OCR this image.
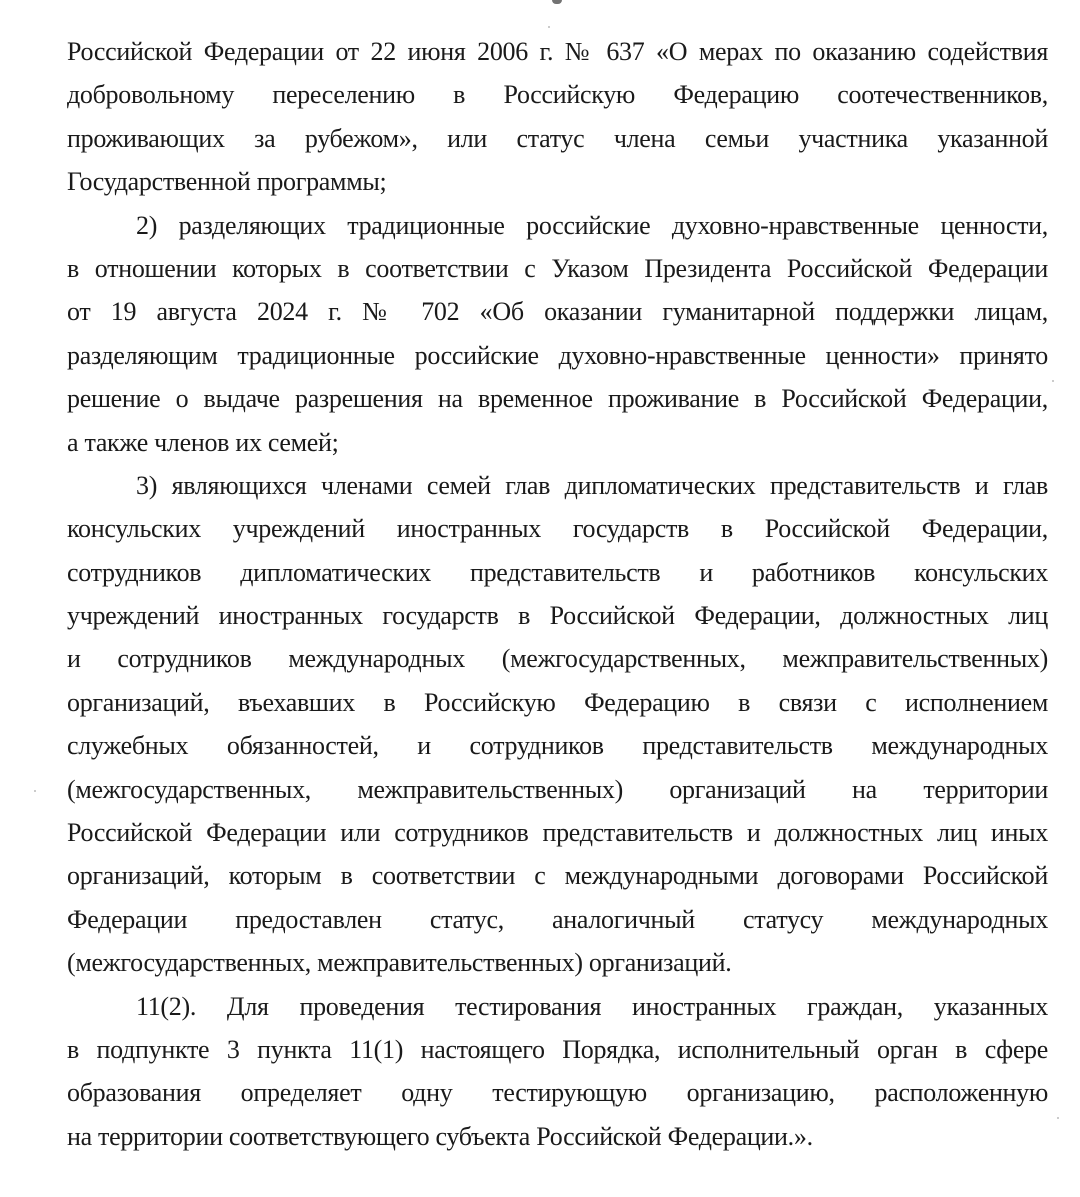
Российской Федерации от 22 июня 2006 г. № 637 «О мерах по оказанию содействия
добровольному переселению в Российскую Федерацию соотечественников,
проживающих за рубежом», или статус члена семьи участника указанной
Государственной программы;
2) разделяющих традиционные российские духовно-нравственные ценности,
в отношении которых в соответствии с Указом Президента Российской Федерации
от 19 августа 2024 г. № 702 «Об оказании гуманитарной поддержки лицам,
разделяющим традиционные российские духовно-нравственные ценности» принято
решение о выдаче разрешения на временное проживание в Российской Федерации,
а также членов их семей;
3) являющихся членами семей глав дипломатических представительств и глав
консульских учреждений иностранных государств в Российской Федерации,
сотрудников дипломатических представительств и работников консульских
учреждений иностранных государств в Российской Федерации, должностных лиц
и сотрудников международных (межгосударственных, межправительственных)
организаций, въехавших в Российскую Федерацию в связи с исполнением
служебных обязанностей, и сотрудников представительств международных
(межгосударственных, межправительственных) организаций на территории
Российской Федерации или сотрудников представительств и должностных лиц иных
организаций, которым в соответствии с международными договорами Российской
Федерации предоставлен статус, аналогичный статусу международных
(межгосударственных, межправительственных) организаций.
11(2). Для проведения тестирования иностранных граждан, указанных
в подпункте 3 пункта 11(1) настоящего Порядка, исполнительный орган в сфере
образования определяет одну тестирующую организацию, расположенную
на территории соответствующего субъекта Российской Федерации.».
